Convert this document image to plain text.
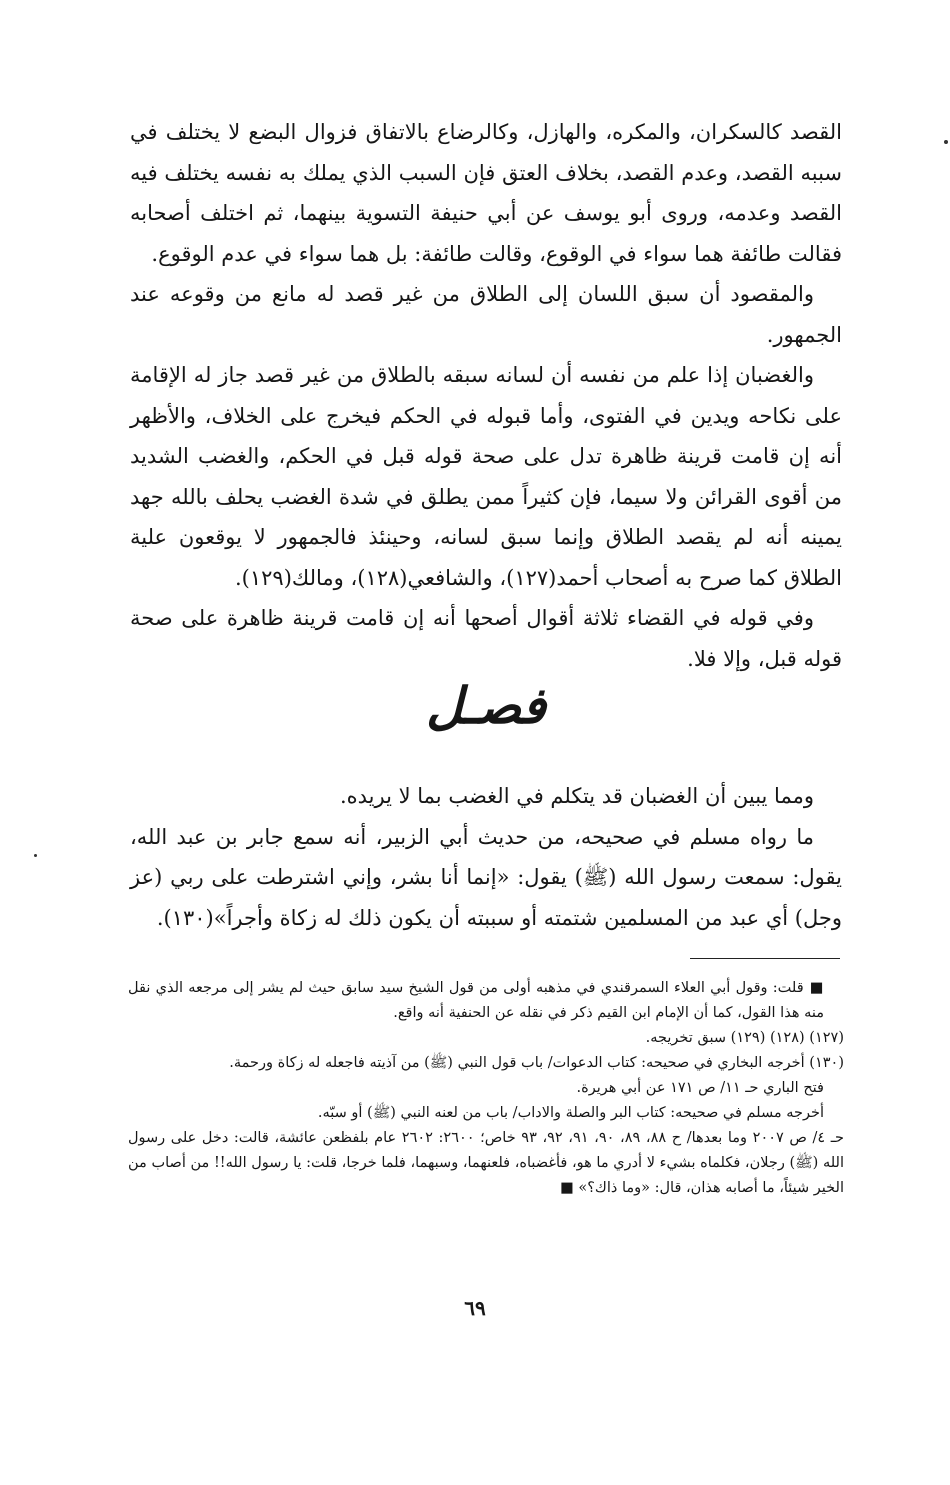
القصد كالسكران، والمكره، والهازل، وكالرضاع بالاتفاق فزوال البضع لا يختلف في سببه القصد، وعدم القصد، بخلاف العتق فإن السبب الذي يملك به نفسه يختلف فيه القصد وعدمه، وروى أبو يوسف عن أبي حنيفة التسوية بينهما، ثم اختلف أصحابه فقالت طائفة هما سواء في الوقوع، وقالت طائفة: بل هما سواء في عدم الوقوع.

والمقصود أن سبق اللسان إلى الطلاق من غير قصد له مانع من وقوعه عند الجمهور.

والغضبان إذا علم من نفسه أن لسانه سبقه بالطلاق من غير قصد جاز له الإقامة على نكاحه ويدين في الفتوى، وأما قبوله في الحكم فيخرج على الخلاف، والأظهر أنه إن قامت قرينة ظاهرة تدل على صحة قوله قبل في الحكم، والغضب الشديد من أقوى القرائن ولا سيما، فإن كثيراً ممن يطلق في شدة الغضب يحلف بالله جهد يمينه أنه لم يقصد الطلاق وإنما سبق لسانه، وحينئذ فالجمهور لا يوقعون علية الطلاق كما صرح به أصحاب أحمد(١٢٧)، والشافعي(١٢٨)، ومالك(١٢٩).

وفي قوله في القضاء ثلاثة أقوال أصحها أنه إن قامت قرينة ظاهرة على صحة قوله قبل، وإلا فلا.

فصـل

ومما يبين أن الغضبان قد يتكلم في الغضب بما لا يريده.

ما رواه مسلم في صحيحه، من حديث أبي الزبير، أنه سمع جابر بن عبد الله، يقول: سمعت رسول الله (ﷺ) يقول: «إنما أنا بشر، وإني اشترطت على ربي (عز وجل) أي عبد من المسلمين شتمته أو سببته أن يكون ذلك له زكاة وأجراً»(١٣٠).

■قلت: وقول أبي العلاء السمرقندي في مذهبه أولى من قول الشيخ سيد سابق حيث لم يشر إلى مرجعه الذي نقل منه هذا القول، كما أن الإمام ابن القيم ذكر في نقله عن الحنفية أنه واقع.

(١٢٧) (١٢٨) (١٢٩) سبق تخريجه.

(١٣٠) أخرجه البخاري في صحيحه: كتاب الدعوات/ باب قول النبي (ﷺ) من آذيته فاجعله له زكاة ورحمة.

فتح الباري حـ ١١/ ص ١٧١ عن أبي هريرة.

أخرجه مسلم في صحيحه: كتاب البر والصلة والاداب/ باب من لعنه النبي (ﷺ) أو سبّه.

حـ ٤/ ص ٢٠٠٧ وما بعدها/ ح ٨٨، ٨٩، ٩٠، ٩١، ٩٢، ٩٣ خاص؛ ٢٦٠٠: ٢٦٠٢ عام بلفظعن عائشة، قالت: دخل على رسول الله (ﷺ) رجلان، فكلماه بشيء لا أدري ما هو، فأغضباه، فلعنهما، وسبهما، فلما خرجا، قلت: يا رسول الله!! من أصاب من الخير شيئاً، ما أصابه هذان، قال: «وما ذاك؟» ■

٦٩
